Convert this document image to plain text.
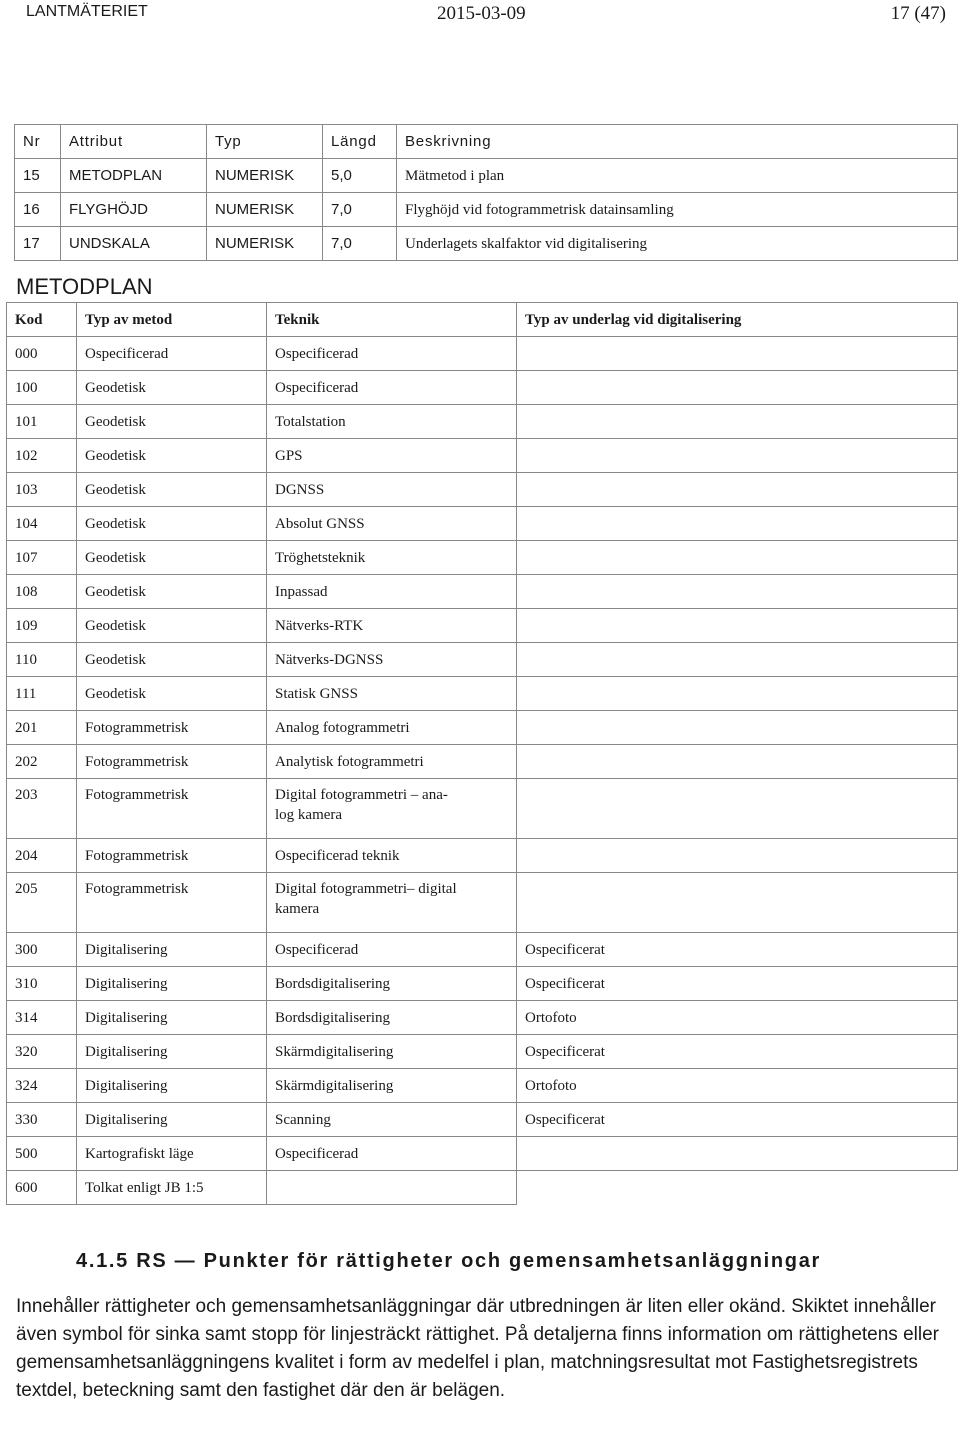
LANTMÄTERIET	2015-03-09	17 (47)
Nr	Attribut	Typ	Längd	Beskrivning
15	METODPLAN	NUMERISK	5,0	Mätmetod i plan
16	FLYGHÖJD	NUMERISK	7,0	Flyghöjd vid fotogrammetrisk datainsamling
17	UNDSKALA	NUMERISK	7,0	Underlagets skalfaktor vid digitalisering
METODPLAN
Kod	Typ av metod	Teknik	Typ av underlag vid digitalisering
000	Ospecificerad	Ospecificerad	
100	Geodetisk	Ospecificerad	
101	Geodetisk	Totalstation	
102	Geodetisk	GPS	
103	Geodetisk	DGNSS	
104	Geodetisk	Absolut GNSS	
107	Geodetisk	Tröghetsteknik	
108	Geodetisk	Inpassad	
109	Geodetisk	Nätverks-RTK	
110	Geodetisk	Nätverks-DGNSS	
111	Geodetisk	Statisk GNSS	
201	Fotogrammetrisk	Analog fotogrammetri	
202	Fotogrammetrisk	Analytisk fotogrammetri	
203	Fotogrammetrisk	Digital fotogrammetri – ana-
log kamera	
204	Fotogrammetrisk	Ospecificerad teknik	
205	Fotogrammetrisk	Digital fotogrammetri– digital
kamera	
300	Digitalisering	Ospecificerad	Ospecificerat
310	Digitalisering	Bordsdigitalisering	Ospecificerat
314	Digitalisering	Bordsdigitalisering	Ortofoto
320	Digitalisering	Skärmdigitalisering	Ospecificerat
324	Digitalisering	Skärmdigitalisering	Ortofoto
330	Digitalisering	Scanning	Ospecificerat
500	Kartografiskt läge	Ospecificerad	
600	Tolkat enligt JB 1:5		
4.1.5 RS — Punkter för rättigheter och gemensamhetsanläggningar

Innehåller rättigheter och gemensamhetsanläggningar där utbredningen är liten eller okänd. Skiktet innehåller även symbol för sinka samt stopp för linjesträckt rättighet. På detaljerna finns information om rättighetens eller gemensamhetsanläggningens kvalitet i form av medelfel i plan, matchningsresultat mot Fastighetsregistrets textdel, beteckning samt den fastighet där den är belägen.
